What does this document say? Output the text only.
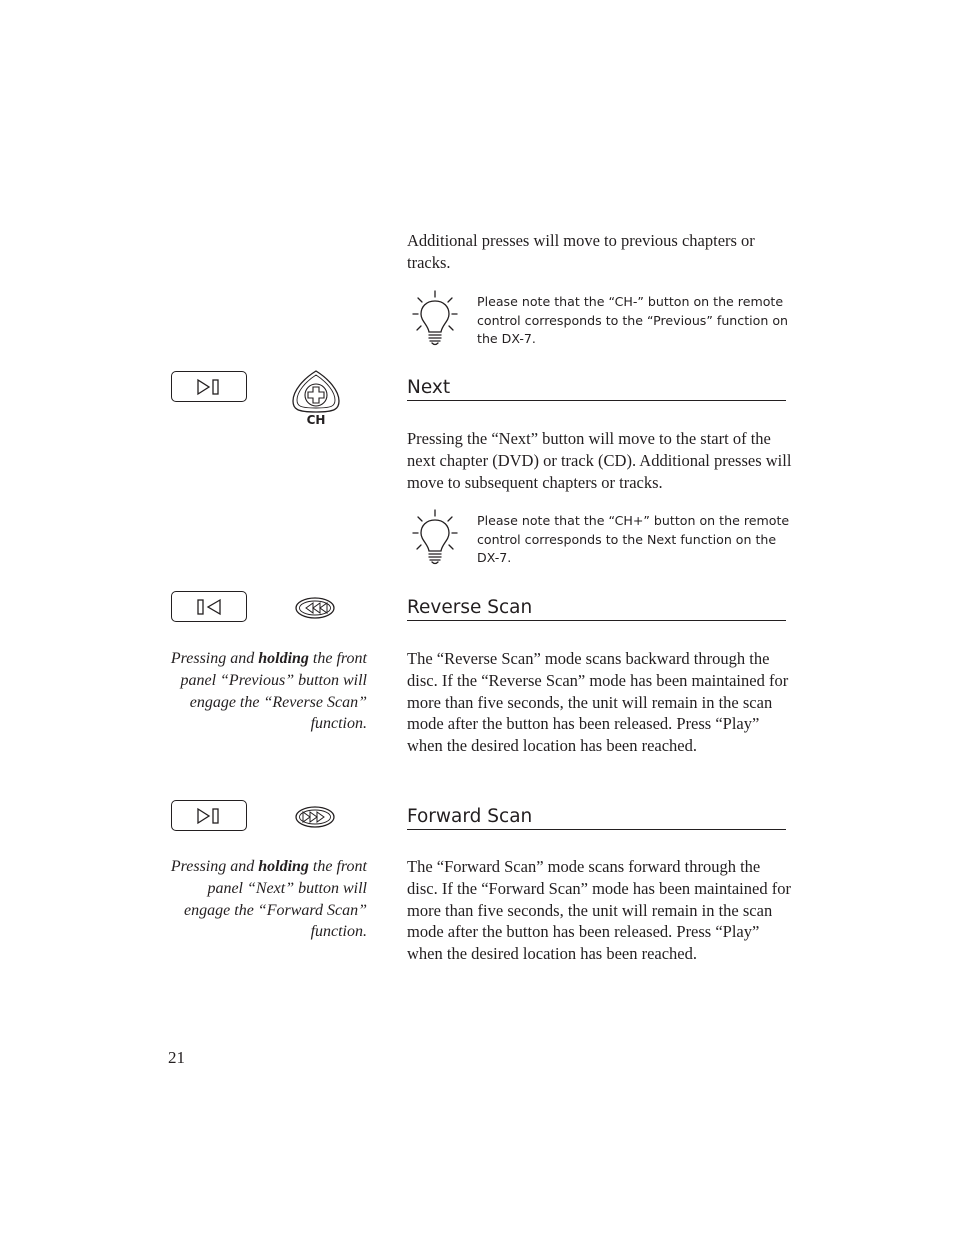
Additional presses will move to previous chapters or tracks.
Please note that the “CH-” button on the remote control corresponds to the “Previous” function on the DX-7.
CH
Next
Pressing the “Next” button will move to the start of the next chapter (DVD) or track (CD). Additional presses will move to subsequent chapters or tracks.
Please note that the “CH+” button on the remote control corresponds to the Next function on the DX-7.
Reverse Scan
Pressing and holding the front panel “Previous” button will engage the “Reverse Scan” function.
The “Reverse Scan” mode scans backward through the disc. If the “Reverse Scan” mode has been maintained for more than five seconds, the unit will remain in the scan mode after the button has been released. Press “Play” when the desired location has been reached.
Forward Scan
Pressing and holding the front panel “Next” button will engage the “Forward Scan” function.
The “Forward Scan” mode scans forward through the disc. If the “Forward Scan” mode has been maintained for more than five seconds, the unit will remain in the scan mode after the button has been released. Press “Play” when the desired location has been reached.
21
